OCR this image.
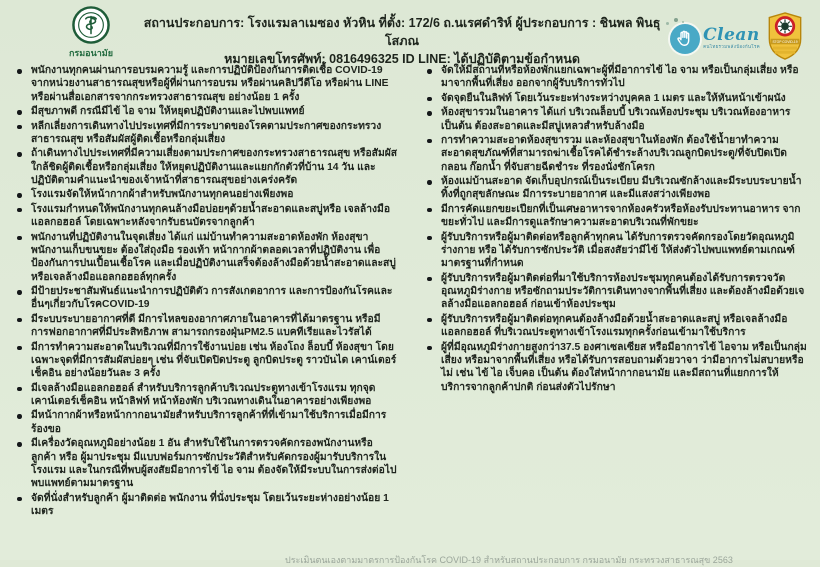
กรมอนามัย
สถานประกอบการ: โรงแรมลาเมซอง หัวหิน ที่ตั้ง: 172/6 ถ.นเรศดำริห์ ผู้ประกอบการ : ชินพล พินธุโสภณ
หมายเลขโทรศัพท์: 0816496325 ID LINE: ได้ปฏิบัติตามข้อกำหนด
Clean
คนไทยรวมพลังป้องกันโรค
STOP COVID-19
พนักงานทุกคนผ่านการอบรมความรู้ และการปฏิบัติป้องกันการติดเชื้อ COVID-19 จากหน่วยงานสาธารณสุขหรือผู้ที่ผ่านการอบรม หรือผ่านคลิปวีดีโอ หรือผ่าน LINE หรือผ่านสื่อเอกสารจากกระทรวงสาธารณสุข อย่างน้อย 1 ครั้ง
มีสุขภาพดี กรณีมีไข้ ไอ จาม ให้หยุดปฏิบัติงานและไปพบแพทย์
หลีกเลี่ยงการเดินทางไปประเทศที่มีการระบาดของโรคตามประกาศของกระทรวงสาธารณสุข หรือสัมผัสผู้ติดเชื้อหรือกลุ่มเสี่ยง
ถ้าเดินทางไปประเทศที่มีความเสี่ยงตามประกาศของกระทรวงสาธารณสุข หรือสัมผัสใกล้ชิดผู้ติดเชื้อหรือกลุ่มเสี่ยง ให้หยุดปฏิบัติงานและแยกกักตัวที่บ้าน 14 วัน และปฏิบัติตามคำแนะนำของเจ้าหน้าที่สาธารณสุขอย่างเคร่งครัด
โรงแรมจัดให้หน้ากากผ้าสำหรับพนักงานทุกคนอย่างเพียงพอ
โรงแรมกำหนดให้พนักงานทุกคนล้างมือบ่อยๆด้วยน้ำสะอาดและสบู่หรือ เจลล้างมือแอลกอฮอล์ โดยเฉพาะหลังจากรับธนบัตรจากลูกค้า
พนักงานที่ปฏิบัติงานในจุดเสี่ยง ได้แก่ แม่บ้านทำความสะอาดห้องพัก ห้องสุขา พนักงานเก็บขนขยะ ต้องใส่ถุงมือ รองเท้า หน้ากากผ้าตลอดเวลาที่ปฏิบัติงาน เพื่อป้องกันการปนเปื้อนเชื้อโรค และเมื่อปฏิบัติงานเสร็จต้องล้างมือด้วยน้ำสะอาดและสบู่หรือเจลล้างมือแอลกอฮอล์ทุกครั้ง
มีป้ายประชาสัมพันธ์แนะนำการปฏิบัติตัว การสังเกตอาการ และการป้องกันโรคและอื่นๆเกี่ยวกับโรคCOVID-19
มีระบบระบายอากาศที่ดี มีการไหลของอากาศภายในอาคารที่ได้มาตรฐาน หรือมีการฟอกอากาศที่มีประสิทธิภาพ สามารถกรองฝุ่นPM2.5 แบคทีเรียและไวรัสได้
มีการทำความสะอาดในบริเวณที่มีการใช้งานบ่อย เช่น ห้องโถง ล็อบบี้ ห้องสุขา โดยเฉพาะจุดที่มีการสัมผัสบ่อยๆ เช่น ที่จับเปิดปิดประตู ลูกบิดประตู ราวบันได เคาน์เตอร์เช็คอิน อย่างน้อยวันละ 3 ครั้ง
มีเจลล้างมือแอลกอฮอล์ สำหรับบริการลูกค้าบริเวณประตูทางเข้าโรงแรม ทุกจุดเคาน์เตอร์เช็คอิน หน้าลิฟท์ หน้าห้องพัก บริเวณทางเดินในอาคารอย่างเพียงพอ
มีหน้ากากผ้าหรือหน้ากากอนามัยสำหรับบริการลูกค้าที่ที่เข้ามาใช้บริการเมื่อมีการร้องขอ
มีเครื่องวัดอุณหภูมิอย่างน้อย 1 อัน สำหรับใช้ในการตรวจคัดกรองพนักงานหรือลูกค้า หรือ ผู้มาประชุม มีแบบฟอร์มการซักประวัติสำหรับคัดกรองผู้มารับบริการในโรงแรม และในกรณีที่พบผู้สงสัยมีอาการไข้ ไอ จาม ต้องจัดให้มีระบบในการส่งต่อไปพบแพทย์ตามมาตรฐาน
จัดที่นั่งสำหรับลูกค้า ผู้มาติดต่อ พนักงาน ที่นั่งประชุม โดยเว้นระยะห่างอย่างน้อย 1 เมตร
จัดให้มีสถานที่หรือห้องพักแยกเฉพาะผู้ที่มีอาการไข้ ไอ จาม หรือเป็นกลุ่มเสี่ยง หรือมาจากพื้นที่เสี่ยง ออกจากผู้รับบริการทั่วไป
จัดจุดยืนในลิฟท์ โดยเว้นระยะห่างระหว่างบุคคล 1 เมตร และให้หันหน้าเข้าผนัง
ห้องสุขารวมในอาคาร ได้แก่ บริเวณล็อบบี้ บริเวณห้องประชุม บริเวณห้องอาหาร เป็นต้น ต้องสะอาดและมีสบู่เหลวสำหรับล้างมือ
การทำความสะอาดห้องสุขารวม และห้องสุขาในห้องพัก ต้องใช้น้ำยาทำความสะอาดสุขภัณฑ์ที่สามารถฆ่าเชื้อโรคได้ชำระล้างบริเวณลูกบิดประตู/ที่จับปิดเปิด กลอน ก๊อกน้ำ ที่จับสายฉีดชำระ ที่รองนั่งชักโครก
ห้องแม่บ้านสะอาด จัดเก็บอุปกรณ์เป็นระเบียบ มีบริเวณซักล้างและมีระบบระบายน้ำทิ้งที่ถูกสุขลักษณะ มีการระบายอากาศ และมีแสงสว่างเพียงพอ
มีการคัดแยกขยะเปียกที่เป็นเศษอาหารจากห้องครัวหรือห้องรับประทานอาหาร จากขยะทั่วไป และมีการดูแลรักษาความสะอาดบริเวณที่พักขยะ
ผู้รับบริการหรือผู้มาติดต่อหรือลูกค้าทุกคน ได้รับการตรวจคัดกรองโดยวัดอุณหภูมิร่างกาย หรือ ได้รับการซักประวัติ เมื่อสงสัยว่ามีไข้ ให้ส่งตัวไปพบแพทย์ตามเกณฑ์มาตรฐานที่กำหนด
ผู้รับบริการหรือผู้มาติดต่อที่มาใช้บริการห้องประชุมทุกคนต้องได้รับการตรวจวัดอุณหภูมิร่างกาย หรือซักถามประวัติการเดินทางจากพื้นที่เสี่ยง และต้องล้างมือด้วยเจลล้างมือแอลกอฮอล์ ก่อนเข้าห้องประชุม
ผู้รับบริการหรือผู้มาติดต่อทุกคนต้องล้างมือด้วยน้ำสะอาดและสบู่ หรือเจลล้างมือแอลกอฮอล์ ที่บริเวณประตูทางเข้าโรงแรมทุกครั้งก่อนเข้ามาใช้บริการ
ผู้ที่มีอุณหภูมิร่างกายสูงกว่า37.5 องศาเซลเซียส หรือมีอาการไข้ ไอจาม หรือเป็นกลุ่มเสี่ยง หรือมาจากพื้นที่เสี่ยง หรือได้รับการสอบถามด้วยวาจา ว่ามีอาการไม่สบายหรือไม่ เช่น ไข้ ไอ เจ็บคอ เป็นต้น ต้องใส่หน้ากากอนามัย และมีสถานที่แยกการให้บริการจากลูกค้าปกติ ก่อนส่งตัวไปรักษา
ประเมินตนเองตามมาตรการป้องกันโรค COVID-19 สำหรับสถานประกอบการ กรมอนามัย กระทรวงสาธารณสุข 2563
